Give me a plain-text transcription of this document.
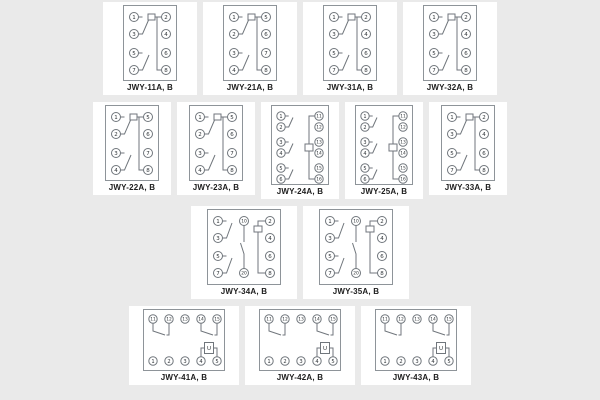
1	2
3	4
5	6
7	8
JWY-11A, B
1	5
2	6
3	7
4	8
JWY-21A, B
1	2
3	4
5	6
7	8
JWY-31A, B
1	2
3	4
5	6
7	8
JWY-32A, B
1	5
2	6
3	7
4	8
JWY-22A, B
1	5
2	6
3	7
4	8
JWY-23A, B
1	11
2	12
3	13
4	14
5	15
6	16
JWY-24A, B
1	11
2	12
3	13
4	14
5	15
6	16
JWY-25A, B
1	2
3	4
5	6
7	8
JWY-33A, B
1	2
3	4
5	6
7	8
10
20
JWY-34A, B
1	2
3	4
5	6
7	8
10
20
JWY-35A, B
U
11
1
12
2
13
3
14
4
15
5
JWY-41A, B
U
11
1
12
2
13
3
14
4
15
5
JWY-42A, B
U
11
1
12
2
13
3
14
4
15
5
JWY-43A, B
